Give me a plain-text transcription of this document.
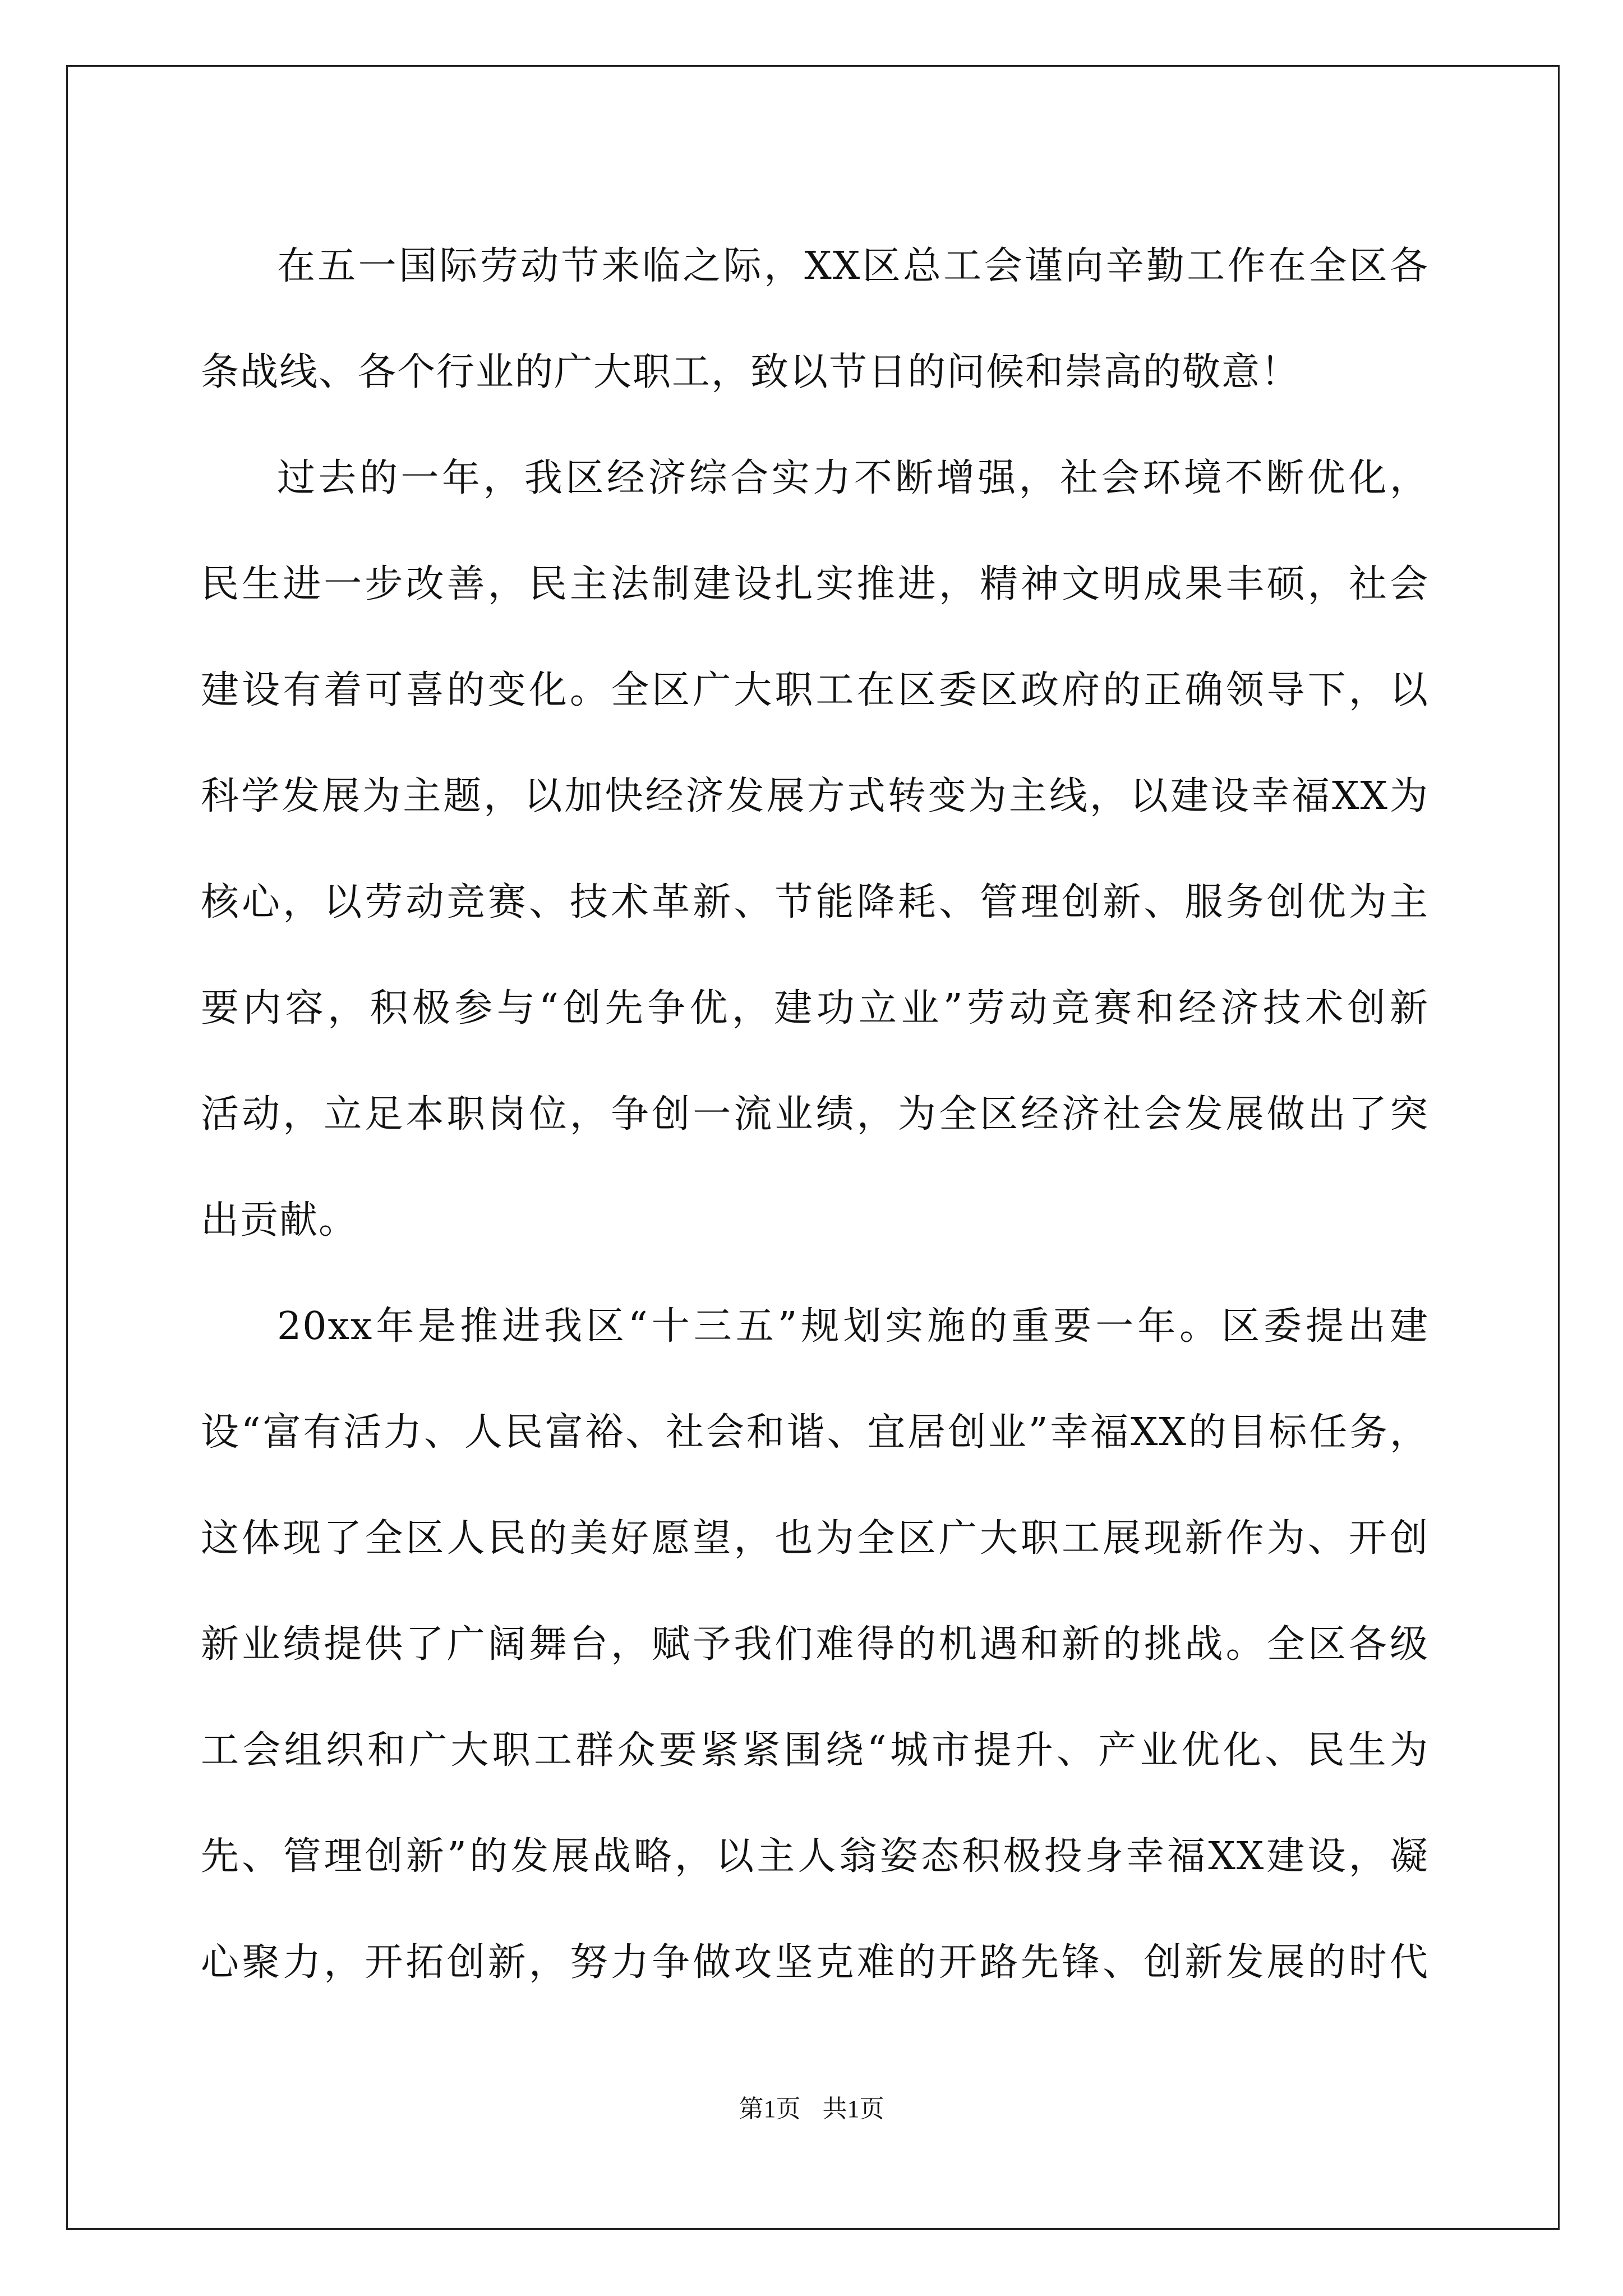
在五一国际劳动节来临之际，XX区总工会谨向辛勤工作在全区各
条战线、各个行业的广大职工，致以节日的问候和崇高的敬意！
过去的一年，我区经济综合实力不断增强，社会环境不断优化，
民生进一步改善，民主法制建设扎实推进，精神文明成果丰硕，社会
建设有着可喜的变化。全区广大职工在区委区政府的正确领导下，以
科学发展为主题，以加快经济发展方式转变为主线，以建设幸福XX为
核心，以劳动竞赛、技术革新、节能降耗、管理创新、服务创优为主
要内容，积极参与“创先争优，建功立业”劳动竞赛和经济技术创新
活动，立足本职岗位，争创一流业绩，为全区经济社会发展做出了突
出贡献。
20xx年是推进我区“十三五”规划实施的重要一年。区委提出建
设“富有活力、人民富裕、社会和谐、宜居创业”幸福XX的目标任务，
这体现了全区人民的美好愿望，也为全区广大职工展现新作为、开创
新业绩提供了广阔舞台，赋予我们难得的机遇和新的挑战。全区各级
工会组织和广大职工群众要紧紧围绕“城市提升、产业优化、民生为
先、管理创新”的发展战略，以主人翁姿态积极投身幸福XX建设，凝
心聚力，开拓创新，努力争做攻坚克难的开路先锋、创新发展的时代
第1页 共1页
